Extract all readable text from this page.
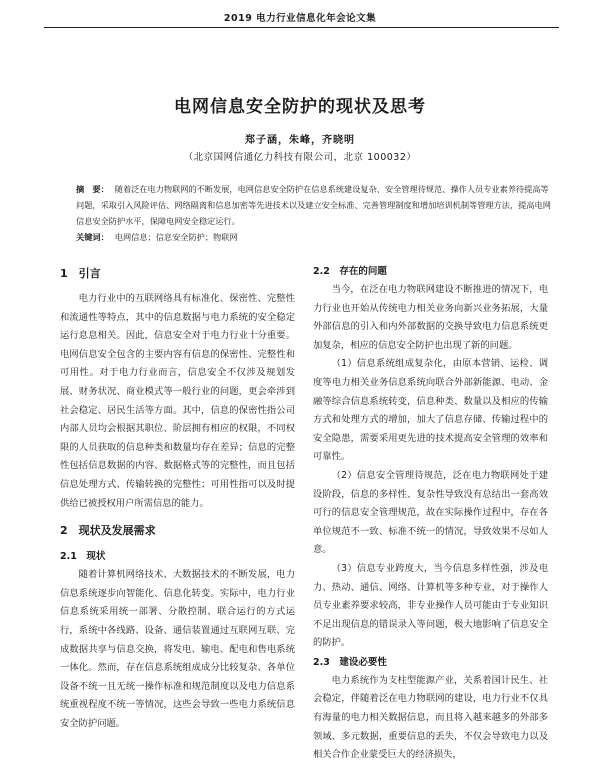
2019 电力行业信息化年会论文集
电网信息安全防护的现状及思考
郑子涵，朱峰，齐晓明
（北京国网信通亿力科技有限公司，北京 100032）
摘　要： 随着泛在电力物联网的不断发展，电网信息安全防护在信息系统建设复杂、安全管理待规范、操作人员专业素养待提高等问题，采取引入风险评估、网络隔离和信息加密等先进技术以及建立安全标准、完善管理制度和增加培训机制等管理方法，提高电网信息安全防护水平，保障电网安全稳定运行。
关键词： 电网信息；信息安全防护；物联网
1　引言
电力行业中的互联网络具有标准化、保密性、完整性和流通性等特点，其中的信息数据与电力系统的安全稳定运行息息相关。因此，信息安全对于电力行业十分重要。电网信息安全包含的主要内容有信息的保密性、完整性和可用性。对于电力行业而言，信息安全不仅涉及规划发展、财务状况、商业模式等一般行业的问题，更会牵涉到社会稳定、居民生活等方面。其中，信息的保密性指公司内部人员均会根据其职位、阶层拥有相应的权限，不同权限的人员获取的信息种类和数量均存在差异；信息的完整性包括信息数据的内容、数据格式等的完整性，而且包括信息处理方式、传输转换的完整性；可用性指可以及时提供给已被授权用户所需信息的能力。
2　现状及发展需求
2.1　现状
随着计算机网络技术、大数据技术的不断发展，电力信息系统逐步向智能化、信息化转变。实际中，电力行业信息系统采用统一部署、分散控制、联合运行的方式运行，系统中各线路、设备、通信装置通过互联网互联、完成数据共享与信息交换，将发电、输电、配电和售电系统一体化。然而，存在信息系统组成成分比较复杂、各单位设备不统一且无统一操作标准和规范制度以及电力信息系统重视程度不统一等情况，这些会导致一些电力系统信息安全防护问题。
2.2　存在的问题
当今，在泛在电力物联网建设不断推进的情况下，电力行业也开始从传统电力相关业务向新兴业务拓展，大量外部信息的引入和内外部数据的交换导致电力信息系统更加复杂，相应的信息安全防护也出现了新的问题。
（1）信息系统组成复杂化，由原本营销、运检、调度等电力相关业务信息系统向联合外部新能源、电动、金融等综合信息系统转变，信息种类、数量以及相应的传输方式和处理方式的增加，加大了信息存储、传输过程中的安全隐患，需要采用更先进的技术提高安全管理的效率和可靠性。
（2）信息安全管理待规范，泛在电力物联网处于建设阶段，信息的多样性、复杂性导致没有总结出一套高效可行的信息安全管理规范，故在实际操作过程中，存在各单位规范不一致、标准不统一的情况，导致效果不尽如人意。
（3）信息专业跨度大，当今信息多样性强，涉及电力、热动、通信、网络、计算机等多种专业，对于操作人员专业素养要求较高，非专业操作人员可能由于专业知识不足出现信息的错误录入等问题，极大地影响了信息安全的防护。
2.3　建设必要性
电力系统作为支柱型能源产业，关系着国计民生、社会稳定，伴随着泛在电力物联网的建设，电力行业不仅具有海量的电力相关数据信息，而且将入越来越多的外部多领域、多元数据，重要信息的丢失，不仅会导致电力以及相关合作企业蒙受巨大的经济损失，
